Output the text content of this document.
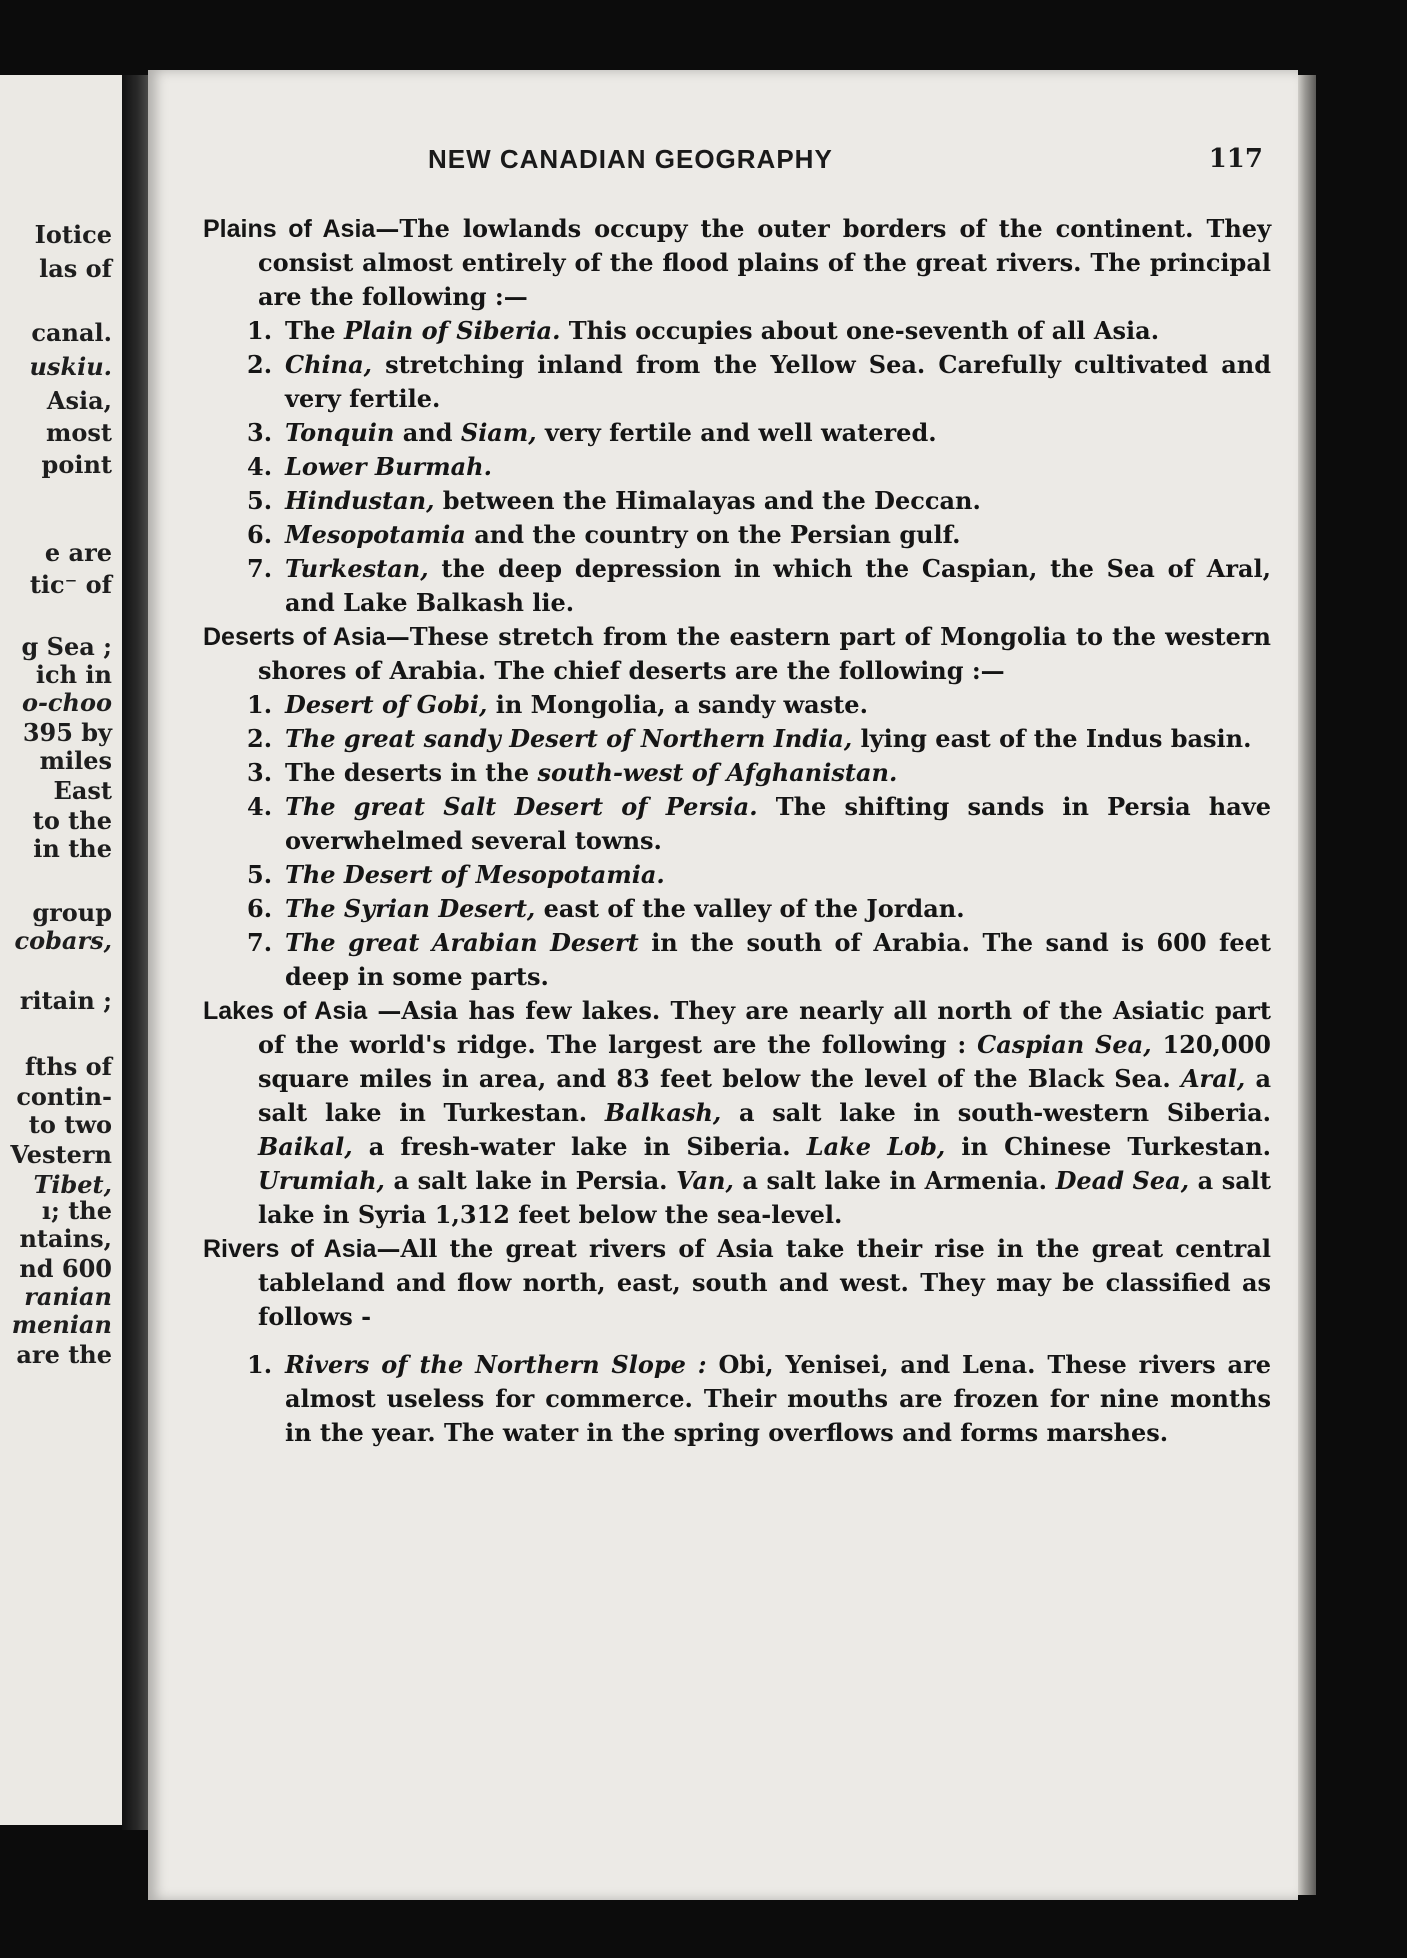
Iotice
las of
canal.
uskiu.
Asia,
most
point
e are
tic⁻ of
g Sea ;
ich in
o-choo
395 by
miles
East
to the
in the
group
cobars,
ritain ;
fths of
contin-
to two
Vestern
Tibet,
ı; the
ntains,
nd 600
ranian
menian
are the
NEW CANADIAN GEOGRAPHY	117

Plains of Asia—The lowlands occupy the outer borders of the continent. They consist almost entirely of the flood plains of the great rivers. The principal are the following :—

1. The Plain of Siberia. This occupies about one-seventh of all Asia.
2. China, stretching inland from the Yellow Sea. Carefully cultivated and very fertile.
3. Tonquin and Siam, very fertile and well watered.
4. Lower Burmah.
5. Hindustan, between the Himalayas and the Deccan.
6. Mesopotamia and the country on the Persian gulf.
7. Turkestan, the deep depression in which the Caspian, the Sea of Aral, and Lake Balkash lie.

Deserts of Asia—These stretch from the eastern part of Mongolia to the western shores of Arabia. The chief deserts are the following :—

1. Desert of Gobi, in Mongolia, a sandy waste.
2. The great sandy Desert of Northern India, lying east of the Indus basin.
3. The deserts in the south-west of Afghanistan.
4. The great Salt Desert of Persia. The shifting sands in Persia have overwhelmed several towns.
5. The Desert of Mesopotamia.
6. The Syrian Desert, east of the valley of the Jordan.
7. The great Arabian Desert in the south of Arabia. The sand is 600 feet deep in some parts.

Lakes of Asia —Asia has few lakes. They are nearly all north of the Asiatic part of the world's ridge. The largest are the following : Caspian Sea, 120,000 square miles in area, and 83 feet below the level of the Black Sea. Aral, a salt lake in Turkestan. Balkash, a salt lake in south-western Siberia. Baikal, a fresh-water lake in Siberia. Lake Lob, in Chinese Turkestan. Urumiah, a salt lake in Persia. Van, a salt lake in Armenia. Dead Sea, a salt lake in Syria 1,312 feet below the sea-level.

Rivers of Asia—All the great rivers of Asia take their rise in the great central tableland and flow north, east, south and west. They may be classified as follows -

1. Rivers of the Northern Slope : Obi, Yenisei, and Lena. These rivers are almost useless for commerce. Their mouths are frozen for nine months in the year. The water in the spring overflows and forms marshes.
